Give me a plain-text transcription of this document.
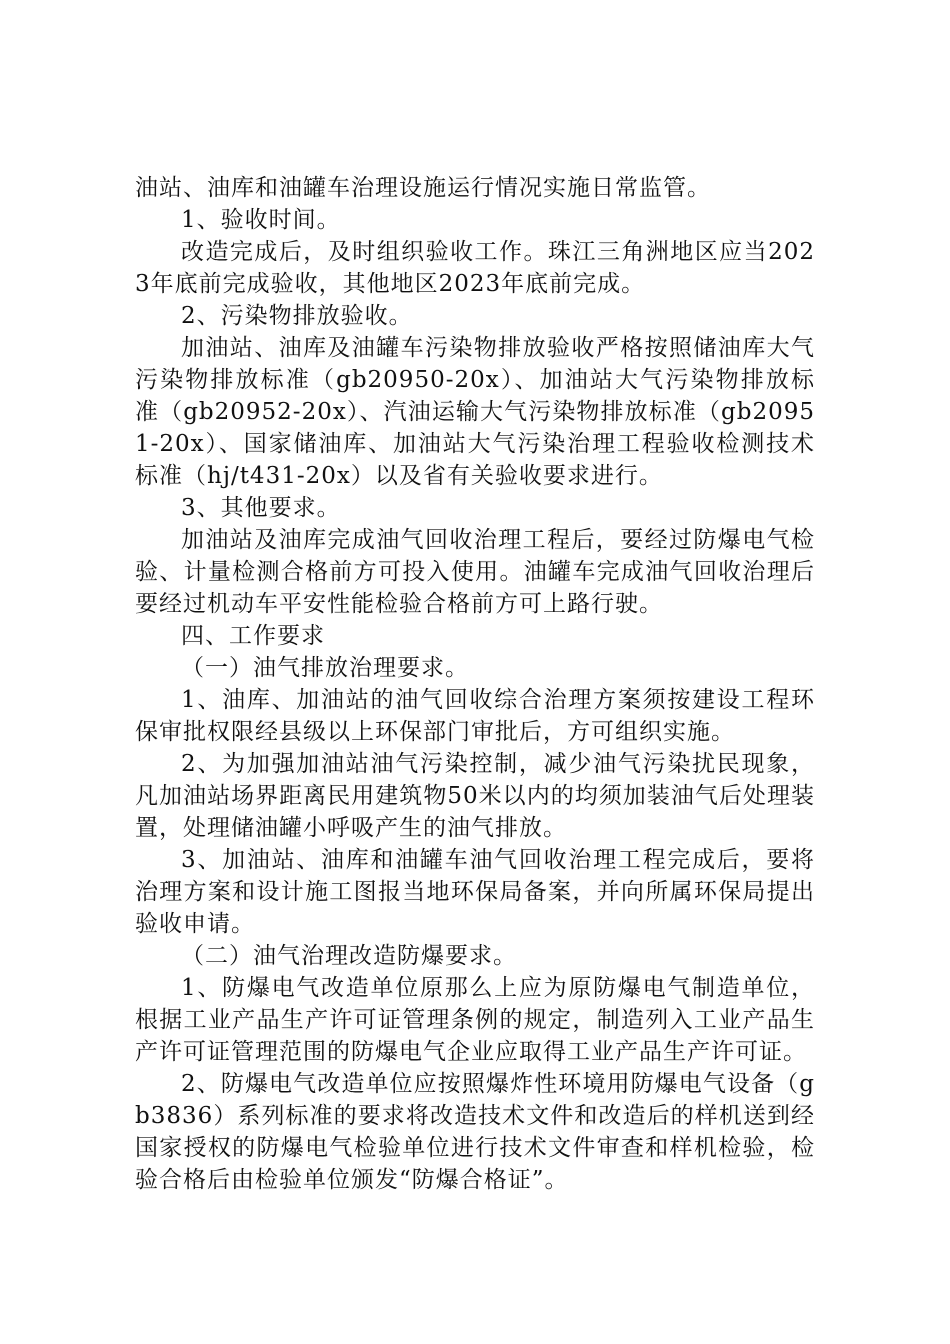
油站、油库和油罐车治理设施运行情况实施日常监管。

1、验收时间。

改造完成后，及时组织验收工作。珠江三角洲地区应当2023年底前完成验收，其他地区2023年底前完成。

2、污染物排放验收。

加油站、油库及油罐车污染物排放验收严格按照储油库大气污染物排放标准（gb20950-20x）、加油站大气污染物排放标准（gb20952-20x）、汽油运输大气污染物排放标准（gb20951-20x）、国家储油库、加油站大气污染治理工程验收检测技术标准（hj/t431-20x）以及省有关验收要求进行。

3、其他要求。

加油站及油库完成油气回收治理工程后，要经过防爆电气检验、计量检测合格前方可投入使用。油罐车完成油气回收治理后要经过机动车平安性能检验合格前方可上路行驶。

四、工作要求

（一）油气排放治理要求。

1、油库、加油站的油气回收综合治理方案须按建设工程环保审批权限经县级以上环保部门审批后，方可组织实施。

2、为加强加油站油气污染控制，减少油气污染扰民现象，凡加油站场界距离民用建筑物50米以内的均须加装油气后处理装置，处理储油罐小呼吸产生的油气排放。

3、加油站、油库和油罐车油气回收治理工程完成后，要将治理方案和设计施工图报当地环保局备案，并向所属环保局提出验收申请。

（二）油气治理改造防爆要求。

1、防爆电气改造单位原那么上应为原防爆电气制造单位，根据工业产品生产许可证管理条例的规定，制造列入工业产品生产许可证管理范围的防爆电气企业应取得工业产品生产许可证。

2、防爆电气改造单位应按照爆炸性环境用防爆电气设备（gb3836）系列标准的要求将改造技术文件和改造后的样机送到经国家授权的防爆电气检验单位进行技术文件审查和样机检验，检验合格后由检验单位颁发“防爆合格证”。
